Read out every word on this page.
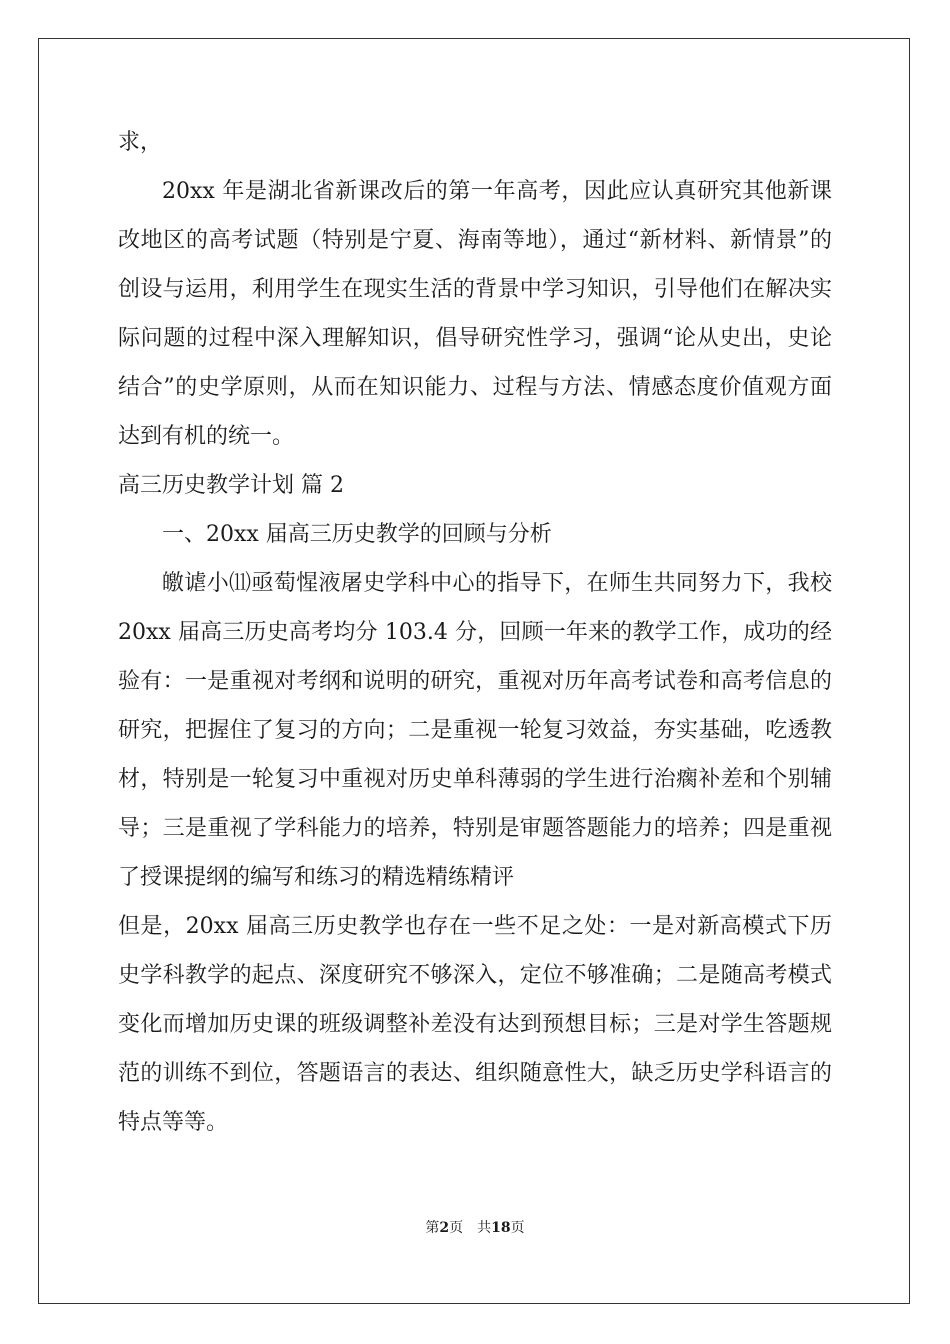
求，

20xx 年是湖北省新课改后的第一年高考，因此应认真研究其他新课改地区的高考试题（特别是宁夏、海南等地），通过“新材料、新情景”的创设与运用，利用学生在现实生活的背景中学习知识，引导他们在解决实际问题的过程中深入理解知识，倡导研究性学习，强调“论从史出，史论结合”的史学原则，从而在知识能力、过程与方法、情感态度价值观方面达到有机的统一。

高三历史教学计划 篇 2

一、20xx 届高三历史教学的回顾与分析

皦谑小⑾亟萄惺液屠史学科中心的指导下，在师生共同努力下，我校 20xx 届高三历史高考均分 103.4 分，回顾一年来的教学工作，成功的经验有：一是重视对考纲和说明的研究，重视对历年高考试卷和高考信息的研究，把握住了复习的方向；二是重视一轮复习效益，夯实基础，吃透教材，特别是一轮复习中重视对历史单科薄弱的学生进行治瘸补差和个别辅导；三是重视了学科能力的培养，特别是审题答题能力的培养；四是重视了授课提纲的编写和练习的精选精练精评

但是，20xx 届高三历史教学也存在一些不足之处：一是对新高模式下历史学科教学的起点、深度研究不够深入，定位不够准确；二是随高考模式变化而增加历史课的班级调整补差没有达到预想目标；三是对学生答题规范的训练不到位，答题语言的表达、组织随意性大，缺乏历史学科语言的特点等等。

第2页 共18页
